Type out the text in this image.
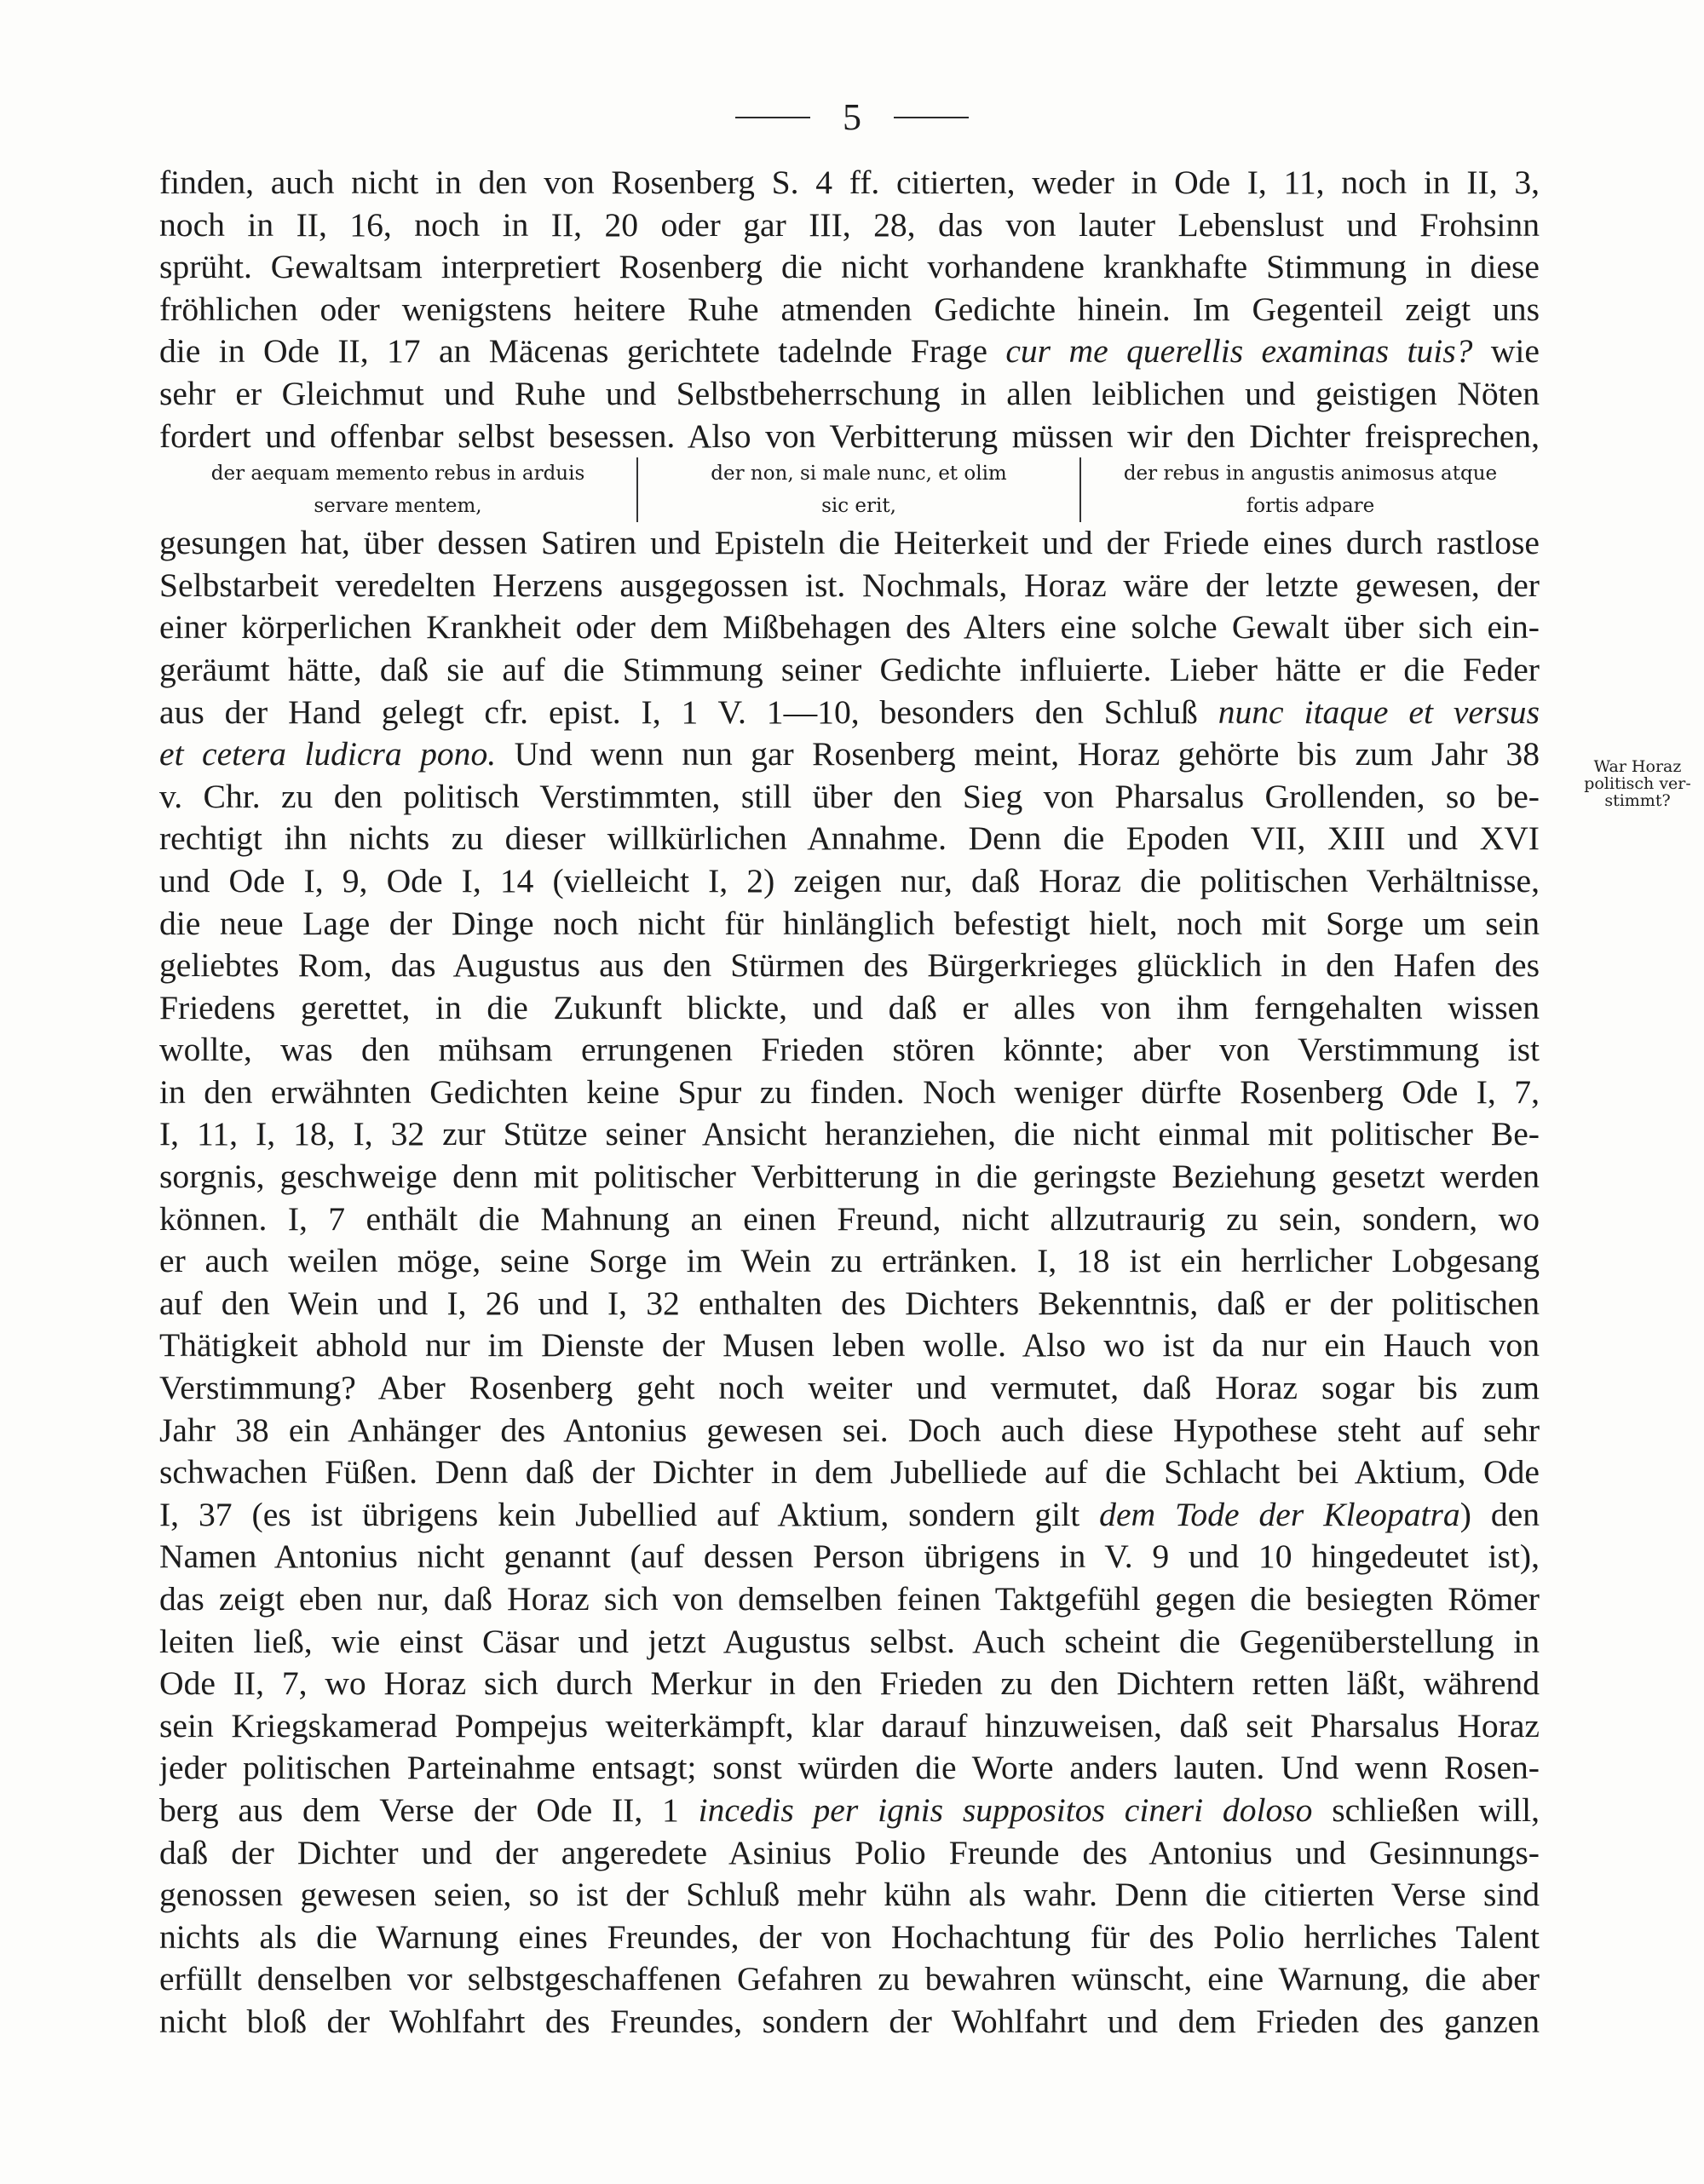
5
War Horaz
politisch ver-
stimmt?
finden, auch nicht in den von Rosenberg S. 4 ff. citierten, weder in Ode I, 11, noch in II, 3,
noch in II, 16, noch in II, 20 oder gar III, 28, das von lauter Lebenslust und Frohsinn
sprüht. Gewaltsam interpretiert Rosenberg die nicht vorhandene krankhafte Stimmung in diese
fröhlichen oder wenigstens heitere Ruhe atmenden Gedichte hinein. Im Gegenteil zeigt uns
die in Ode II, 17 an Mäcenas gerichtete tadelnde Frage cur me querellis examinas tuis? wie
sehr er Gleichmut und Ruhe und Selbstbeherrschung in allen leiblichen und geistigen Nöten
fordert und offenbar selbst besessen. Also von Verbitterung müssen wir den Dichter freisprechen,
der aequam memento rebus in arduis
servare mentem,
der non, si male nunc, et olim
sic erit,
der rebus in angustis animosus atque
fortis adpare
gesungen hat, über dessen Satiren und Episteln die Heiterkeit und der Friede eines durch rastlose
Selbstarbeit veredelten Herzens ausgegossen ist. Nochmals, Horaz wäre der letzte gewesen, der
einer körperlichen Krankheit oder dem Mißbehagen des Alters eine solche Gewalt über sich ein-
geräumt hätte, daß sie auf die Stimmung seiner Gedichte influierte. Lieber hätte er die Feder
aus der Hand gelegt cfr. epist. I, 1 V. 1—10, besonders den Schluß nunc itaque et versus
et cetera ludicra pono. Und wenn nun gar Rosenberg meint, Horaz gehörte bis zum Jahr 38
v. Chr. zu den politisch Verstimmten, still über den Sieg von Pharsalus Grollenden, so be-
rechtigt ihn nichts zu dieser willkürlichen Annahme. Denn die Epoden VII, XIII und XVI
und Ode I, 9, Ode I, 14 (vielleicht I, 2) zeigen nur, daß Horaz die politischen Verhältnisse,
die neue Lage der Dinge noch nicht für hinlänglich befestigt hielt, noch mit Sorge um sein
geliebtes Rom, das Augustus aus den Stürmen des Bürgerkrieges glücklich in den Hafen des
Friedens gerettet, in die Zukunft blickte, und daß er alles von ihm ferngehalten wissen
wollte, was den mühsam errungenen Frieden stören könnte; aber von Verstimmung ist
in den erwähnten Gedichten keine Spur zu finden. Noch weniger dürfte Rosenberg Ode I, 7,
I, 11, I, 18, I, 32 zur Stütze seiner Ansicht heranziehen, die nicht einmal mit politischer Be-
sorgnis, geschweige denn mit politischer Verbitterung in die geringste Beziehung gesetzt werden
können. I, 7 enthält die Mahnung an einen Freund, nicht allzutraurig zu sein, sondern, wo
er auch weilen möge, seine Sorge im Wein zu ertränken. I, 18 ist ein herrlicher Lobgesang
auf den Wein und I, 26 und I, 32 enthalten des Dichters Bekenntnis, daß er der politischen
Thätigkeit abhold nur im Dienste der Musen leben wolle. Also wo ist da nur ein Hauch von
Verstimmung? Aber Rosenberg geht noch weiter und vermutet, daß Horaz sogar bis zum
Jahr 38 ein Anhänger des Antonius gewesen sei. Doch auch diese Hypothese steht auf sehr
schwachen Füßen. Denn daß der Dichter in dem Jubelliede auf die Schlacht bei Aktium, Ode
I, 37 (es ist übrigens kein Jubellied auf Aktium, sondern gilt dem Tode der Kleopatra) den
Namen Antonius nicht genannt (auf dessen Person übrigens in V. 9 und 10 hingedeutet ist),
das zeigt eben nur, daß Horaz sich von demselben feinen Taktgefühl gegen die besiegten Römer
leiten ließ, wie einst Cäsar und jetzt Augustus selbst. Auch scheint die Gegenüberstellung in
Ode II, 7, wo Horaz sich durch Merkur in den Frieden zu den Dichtern retten läßt, während
sein Kriegskamerad Pompejus weiterkämpft, klar darauf hinzuweisen, daß seit Pharsalus Horaz
jeder politischen Parteinahme entsagt; sonst würden die Worte anders lauten. Und wenn Rosen-
berg aus dem Verse der Ode II, 1 incedis per ignis suppositos cineri doloso schließen will,
daß der Dichter und der angeredete Asinius Polio Freunde des Antonius und Gesinnungs-
genossen gewesen seien, so ist der Schluß mehr kühn als wahr. Denn die citierten Verse sind
nichts als die Warnung eines Freundes, der von Hochachtung für des Polio herrliches Talent
erfüllt denselben vor selbstgeschaffenen Gefahren zu bewahren wünscht, eine Warnung, die aber
nicht bloß der Wohlfahrt des Freundes, sondern der Wohlfahrt und dem Frieden des ganzen
